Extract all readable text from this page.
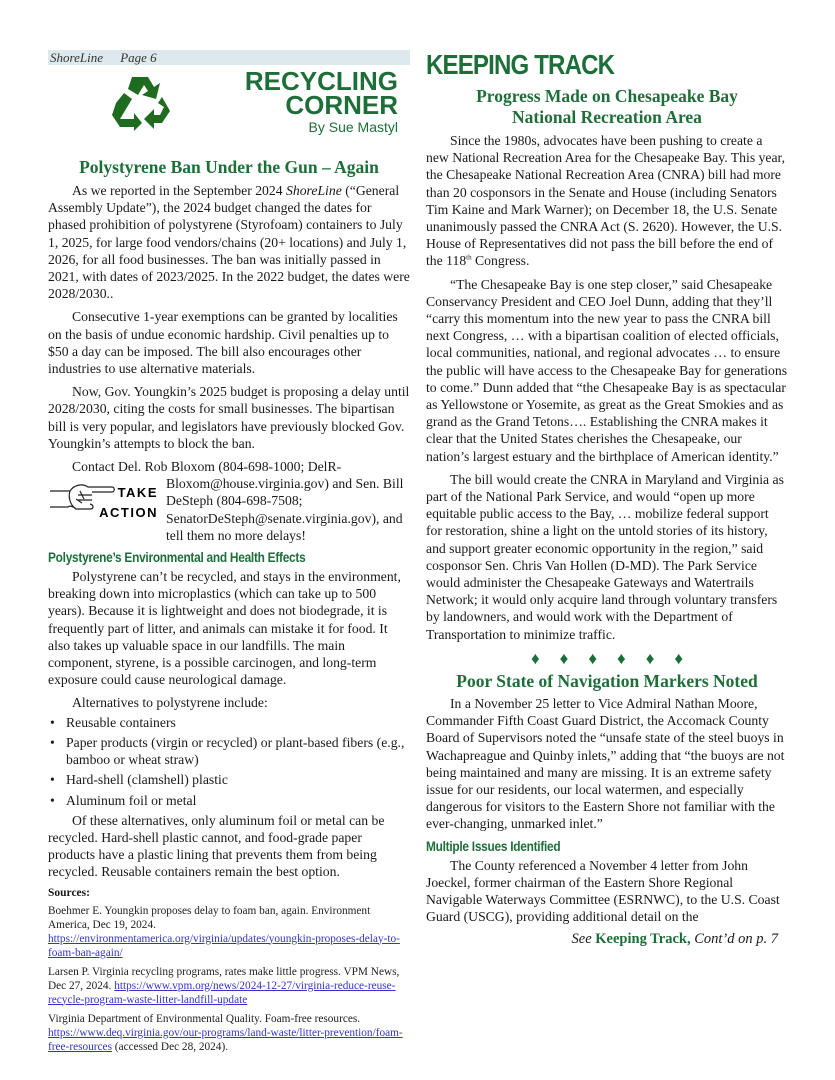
ShoreLine Page 6
RECYCLING
CORNER
By Sue Mastyl
Polystyrene Ban Under the Gun – Again

As we reported in the September 2024 ShoreLine (“General Assembly Update”), the 2024 budget changed the dates for phased prohibition of polystyrene (Styrofoam) containers to July 1, 2025, for large food vendors/chains (20+ locations) and July 1, 2026, for all food businesses. The ban was initially passed in 2021, with dates of 2023/2025. In the 2022 budget, the dates were 2028/2030..

Consecutive 1-year exemptions can be granted by localities on the basis of undue economic hardship. Civil penalties up to $50 a day can be imposed. The bill also encourages other industries to use alternative materials.

Now, Gov. Youngkin’s 2025 budget is proposing a delay until 2028/2030, citing the costs for small businesses. The bipartisan bill is very popular, and legislators have previously blocked Gov. Youngkin’s attempts to block the ban.

Contact Del. Rob Bloxom (804-698-1000; DelR-
TAKE
ACTION
Bloxom@house.virginia.gov) and Sen. Bill DeSteph (804-698-7508; SenatorDeSteph@senate.virginia.gov), and tell them no more delays!
Polystyrene’s Environmental and Health Effects

Polystyrene can’t be recycled, and stays in the environment, breaking down into microplastics (which can take up to 500 years). Because it is lightweight and does not biodegrade, it is frequently part of litter, and animals can mistake it for food. It also takes up valuable space in our landfills. The main component, styrene, is a possible carcinogen, and long-term exposure could cause neurological damage.

Alternatives to polystyrene include:

• Reusable containers
• Paper products (virgin or recycled) or plant-based fibers (e.g., bamboo or wheat straw)
• Hard-shell (clamshell) plastic
• Aluminum foil or metal

Of these alternatives, only aluminum foil or metal can be recycled. Hard-shell plastic cannot, and food-grade paper products have a plastic lining that prevents them from being recycled. Reusable containers remain the best option.

Sources:
Boehmer E. Youngkin proposes delay to foam ban, again. Environment America, Dec 19, 2024. https://environmentamerica.org/virginia/updates/youngkin-proposes-delay-to-foam-ban-again/
Larsen P. Virginia recycling programs, rates make little progress. VPM News, Dec 27, 2024. https://www.vpm.org/news/2024-12-27/virginia-reduce-reuse-recycle-program-waste-litter-landfill-update
Virginia Department of Environmental Quality. Foam-free resources. https://www.deq.virginia.gov/our-programs/land-waste/litter-prevention/foam-free-resources (accessed Dec 28, 2024).
KEEPING TRACK
Progress Made on Chesapeake Bay National Recreation Area

Since the 1980s, advocates have been pushing to create a new National Recreation Area for the Chesapeake Bay. This year, the Chesapeake National Recreation Area (CNRA) bill had more than 20 cosponsors in the Senate and House (including Senators Tim Kaine and Mark Warner); on December 18, the U.S. Senate unanimously passed the CNRA Act (S. 2620). However, the U.S. House of Representatives did not pass the bill before the end of the 118th Congress.

“The Chesapeake Bay is one step closer,” said Chesapeake Conservancy President and CEO Joel Dunn, adding that they’ll “carry this momentum into the new year to pass the CNRA bill next Congress, … with a bipartisan coalition of elected officials, local communities, national, and regional advocates … to ensure the public will have access to the Chesapeake Bay for generations to come.” Dunn added that “the Chesapeake Bay is as spectacular as Yellowstone or Yosemite, as great as the Great Smokies and as grand as the Grand Tetons…. Establishing the CNRA makes it clear that the United States cherishes the Chesapeake, our nation’s largest estuary and the birthplace of American identity.”

The bill would create the CNRA in Maryland and Virginia as part of the National Park Service, and would “open up more equitable public access to the Bay, … mobilize federal support for restoration, shine a light on the untold stories of its history, and support greater economic opportunity in the region,” said cosponsor Sen. Chris Van Hollen (D-MD). The Park Service would administer the Chesapeake Gateways and Watertrails Network; it would only acquire land through voluntary transfers by landowners, and would work with the Department of Transportation to minimize traffic.

♦ ♦ ♦ ♦ ♦ ♦
Poor State of Navigation Markers Noted

In a November 25 letter to Vice Admiral Nathan Moore, Commander Fifth Coast Guard District, the Accomack County Board of Supervisors noted the “unsafe state of the steel buoys in Wachapreague and Quinby inlets,” adding that “the buoys are not being maintained and many are missing. It is an extreme safety issue for our residents, our local watermen, and especially dangerous for visitors to the Eastern Shore not familiar with the ever-changing, unmarked inlet.”

Multiple Issues Identified

The County referenced a November 4 letter from John Joeckel, former chairman of the Eastern Shore Regional Navigable Waterways Committee (ESRNWC), to the U.S. Coast Guard (USCG), providing additional detail on the

See Keeping Track, Cont’d on p. 7
